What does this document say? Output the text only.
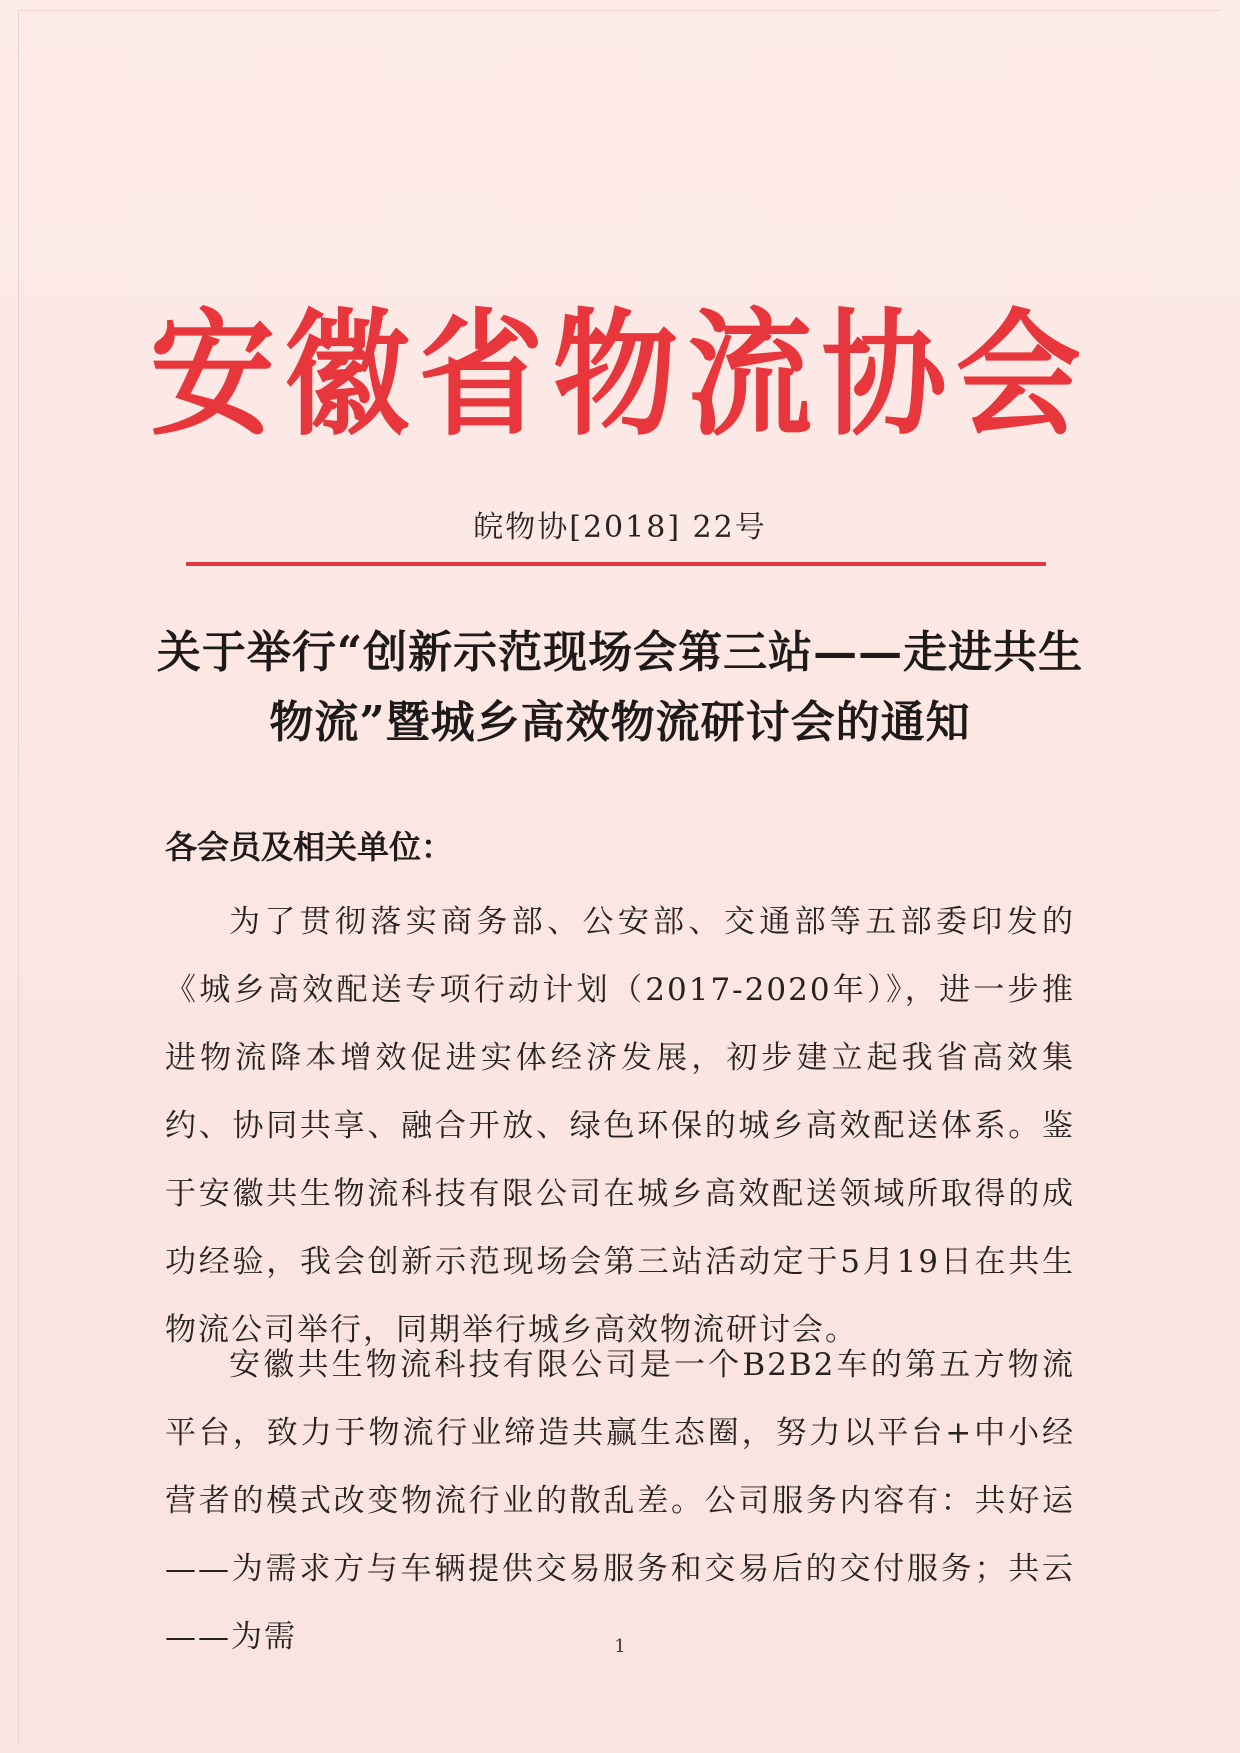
安徽省物流协会
皖物协[2018] 22号
关于举行“创新示范现场会第三站——走进共生物流”暨城乡高效物流研讨会的通知
各会员及相关单位：
为了贯彻落实商务部、公安部、交通部等五部委印发的《城乡高效配送专项行动计划（2017-2020年）》，进一步推进物流降本增效促进实体经济发展，初步建立起我省高效集约、协同共享、融合开放、绿色环保的城乡高效配送体系。鉴于安徽共生物流科技有限公司在城乡高效配送领域所取得的成功经验，我会创新示范现场会第三站活动定于5月19日在共生物流公司举行，同期举行城乡高效物流研讨会。
安徽共生物流科技有限公司是一个B2B2车的第五方物流平台，致力于物流行业缔造共赢生态圈，努力以平台+中小经营者的模式改变物流行业的散乱差。公司服务内容有：共好运——为需求方与车辆提供交易服务和交易后的交付服务；共云——为需	1
